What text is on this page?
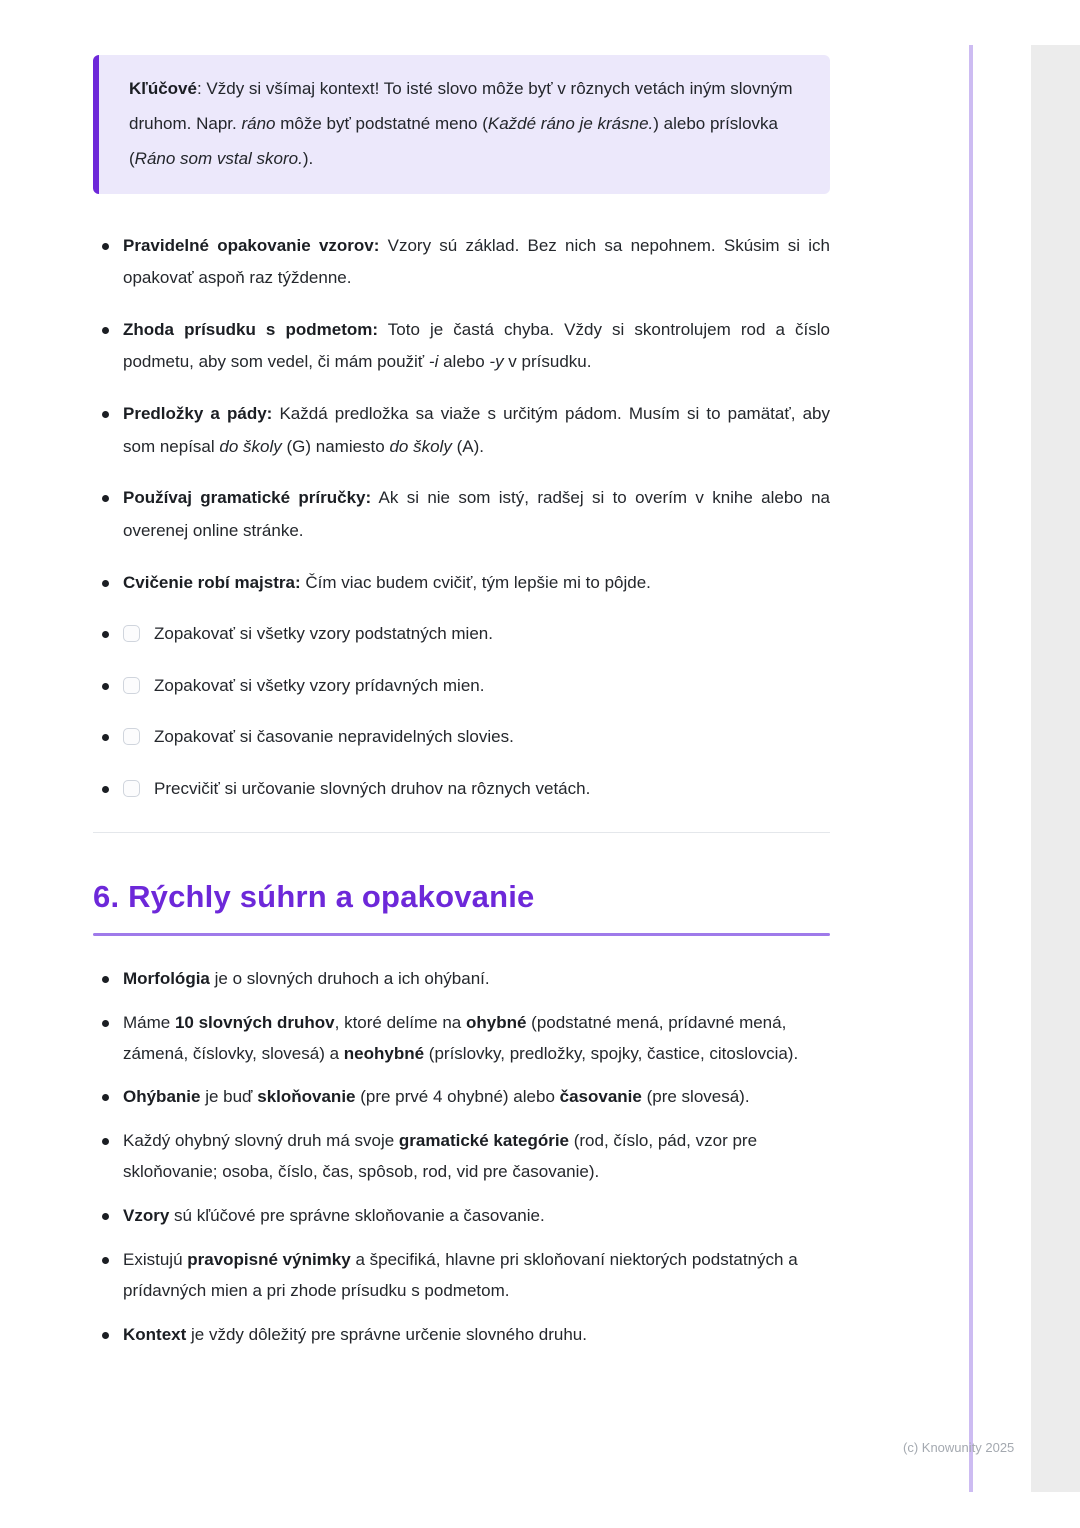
Kľúčové: Vždy si všímaj kontext! To isté slovo môže byť v rôznych vetách iným slovným druhom. Napr. ráno môže byť podstatné meno (Každé ráno je krásne.) alebo príslovka (Ráno som vstal skoro.).

Pravidelné opakovanie vzorov: Vzory sú základ. Bez nich sa nepohnem. Skúsim si ich opakovať aspoň raz týždenne.
Zhoda prísudku s podmetom: Toto je častá chyba. Vždy si skontrolujem rod a číslo podmetu, aby som vedel, či mám použiť -i alebo -y v prísudku.
Predložky a pády: Každá predložka sa viaže s určitým pádom. Musím si to pamätať, aby som nepísal do školy (G) namiesto do školy (A).
Používaj gramatické príručky: Ak si nie som istý, radšej si to overím v knihe alebo na overenej online stránke.
Cvičenie robí majstra: Čím viac budem cvičiť, tým lepšie mi to pôjde.
Zopakovať si všetky vzory podstatných mien.
Zopakovať si všetky vzory prídavných mien.
Zopakovať si časovanie nepravidelných slovies.
Precvičiť si určovanie slovných druhov na rôznych vetách.
6. Rýchly súhrn a opakovanie
Morfológia je o slovných druhoch a ich ohýbaní.
Máme 10 slovných druhov, ktoré delíme na ohybné (podstatné mená, prídavné mená, zámená, číslovky, slovesá) a neohybné (príslovky, predložky, spojky, častice, citoslovcia).
Ohýbanie je buď skloňovanie (pre prvé 4 ohybné) alebo časovanie (pre slovesá).
Každý ohybný slovný druh má svoje gramatické kategórie (rod, číslo, pád, vzor pre skloňovanie; osoba, číslo, čas, spôsob, rod, vid pre časovanie).
Vzory sú kľúčové pre správne skloňovanie a časovanie.
Existujú pravopisné výnimky a špecifiká, hlavne pri skloňovaní niektorých podstatných a prídavných mien a pri zhode prísudku s podmetom.
Kontext je vždy dôležitý pre správne určenie slovného druhu.
(c) Knowunity 2025
